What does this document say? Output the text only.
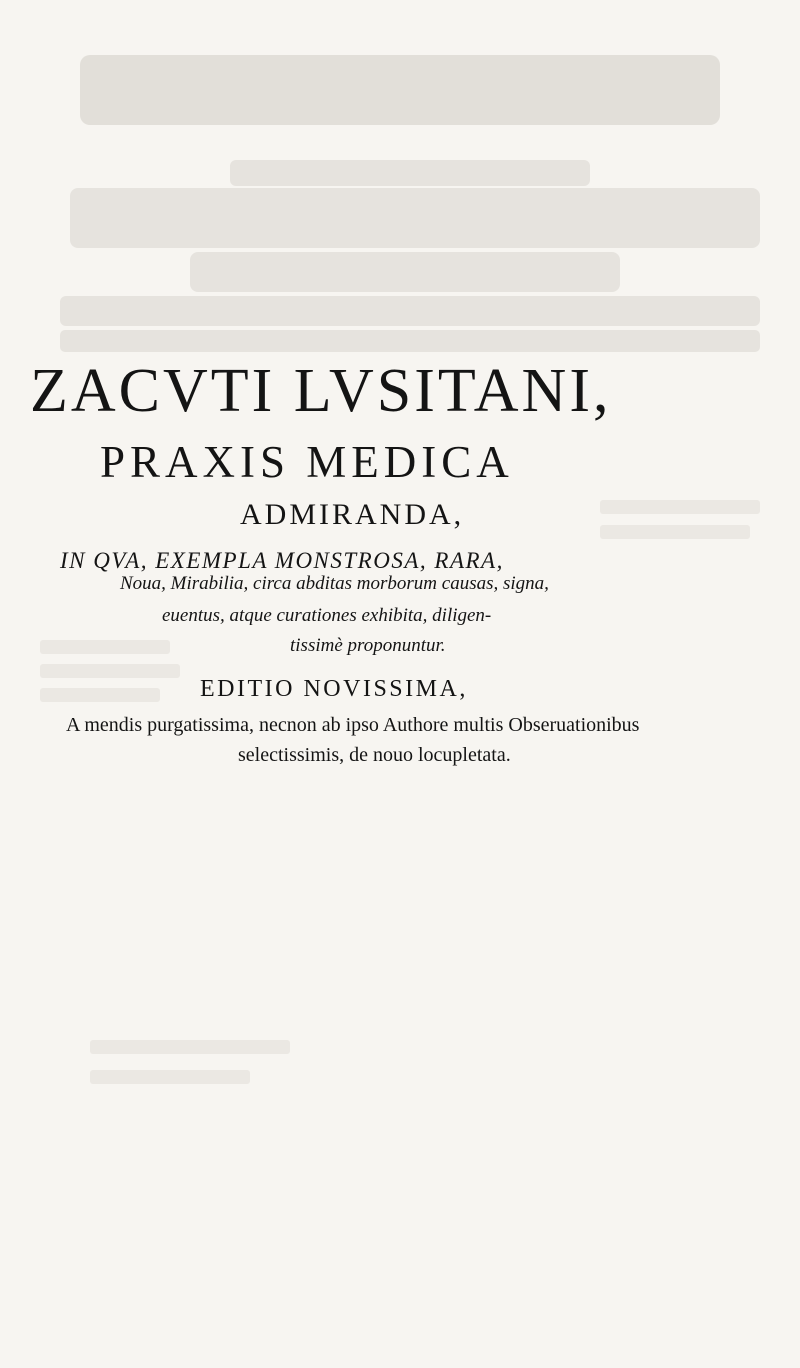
ZACVTI LVSITANI,
PRAXIS MEDICA
ADMIRANDA,
IN QVA, EXEMPLA MONSTROSA, RARA,
Noua, Mirabilia, circa abditas morborum causas, signa,
euentus, atque curationes exhibita, diligen-
tissimè proponuntur.
EDITIO NOVISSIMA,
A mendis purgatissima, necnon ab ipso Authore multis Obseruationibus
selectissimis, de nouo locupletata.
